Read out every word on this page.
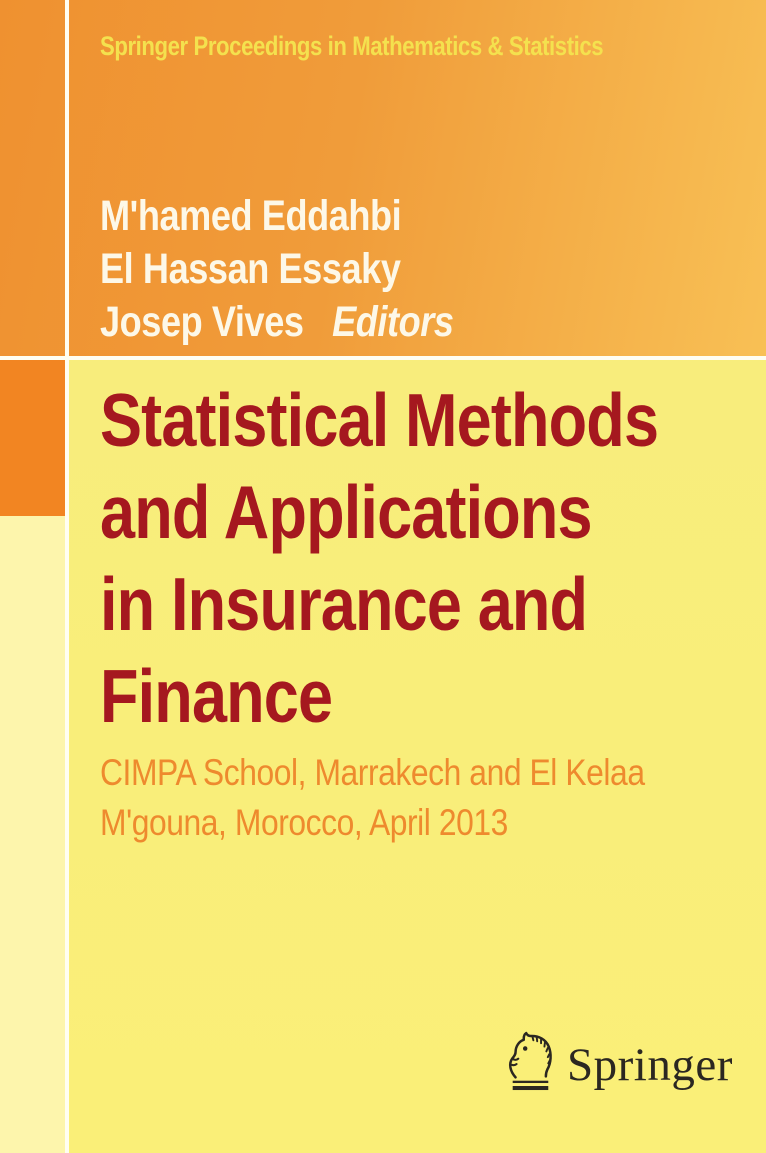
Springer Proceedings in Mathematics & Statistics
M'hamed Eddahbi
El Hassan Essaky
Josep Vives Editors
Statistical Methods
and Applications
in Insurance and
Finance
CIMPA School, Marrakech and El Kelaa
M'gouna, Morocco, April 2013
Springer
